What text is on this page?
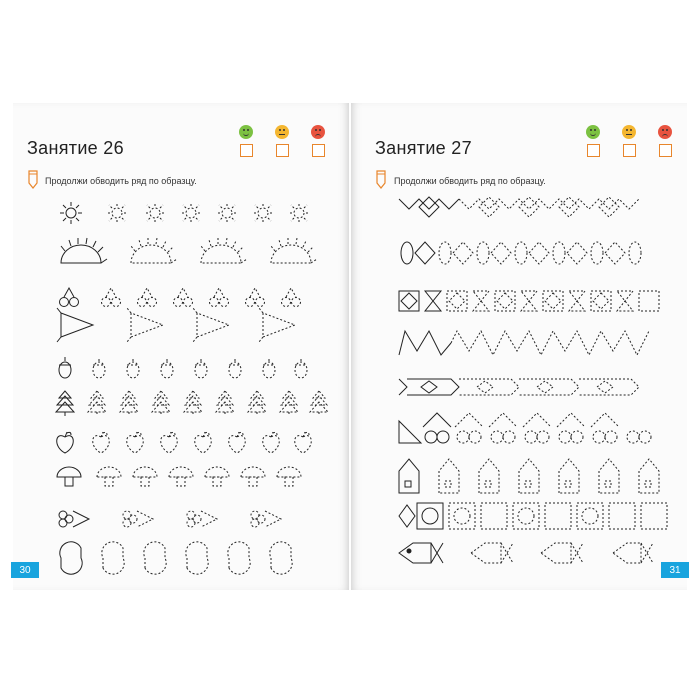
Занятие 26
Продолжи обводить ряд по образцу.
30
Занятие 27
Продолжи обводить ряд по образцу.
31
